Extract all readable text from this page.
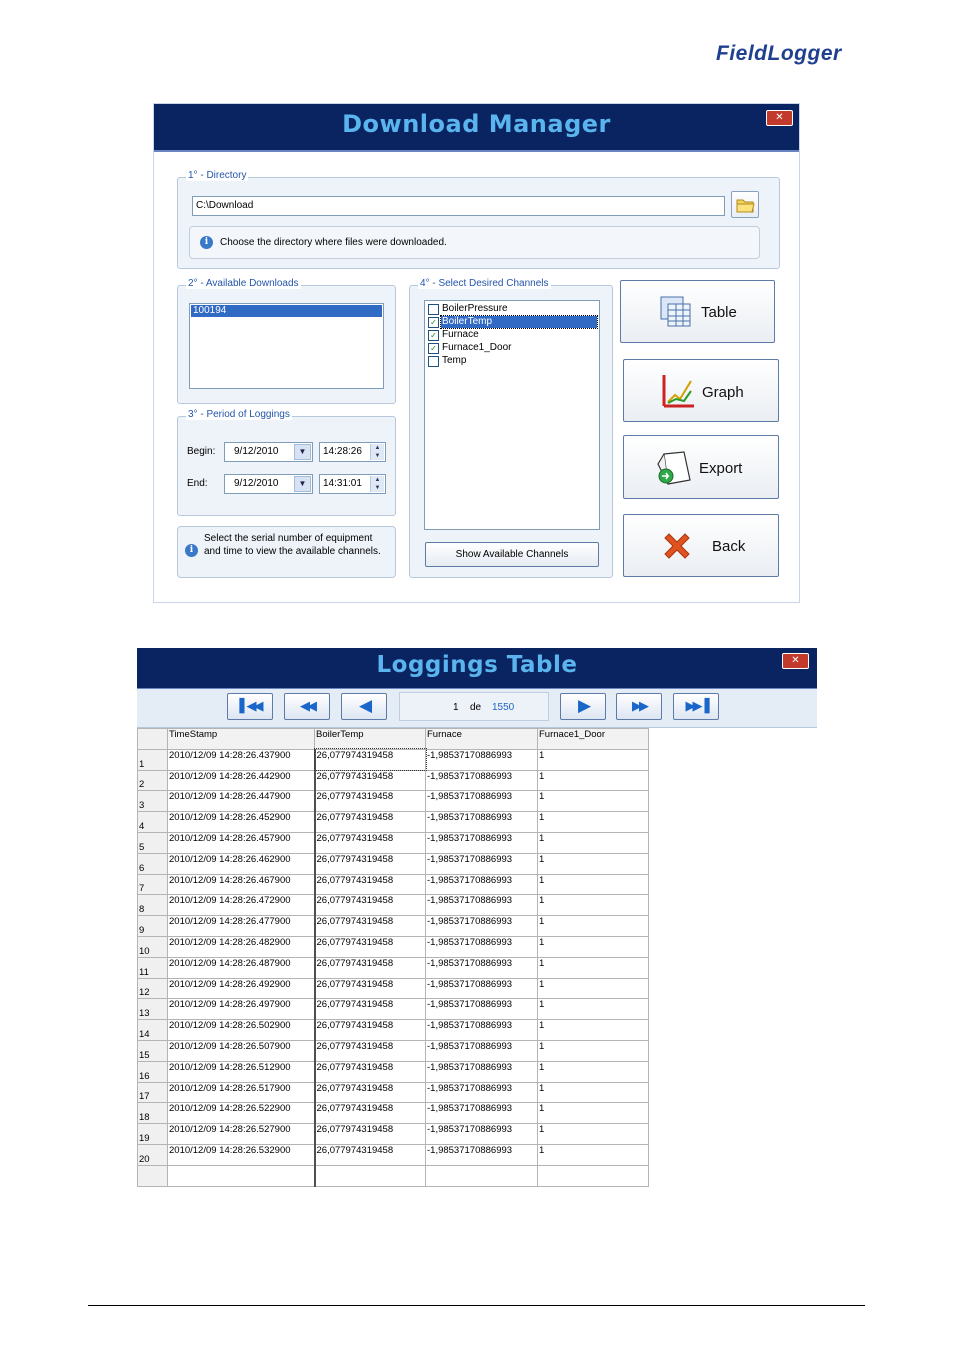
FieldLogger
Download Manager	✕
1° - Directory
C:\Download
i	Choose the directory where files were downloaded.
2° - Available Downloads
100194
3° - Period of Loggings
Begin:	9/12/2010	▼	14:28:26	▲
▼
End:	9/12/2010	▼	14:31:01	▲
▼
i
Select the serial number of equipment and time to view the available channels.
4° - Select Desired Channels
BoilerPressure
✓ BoilerTemp
✓ Furnace
✓ Furnace1_Door
Temp
Show Available Channels
Table
Graph
Export
Back
Loggings Table	✕
▌◀◀	◀◀	◀	1 de 1550	▶	▶▶	▶▶▐
	TimeStamp	BoilerTemp	Furnace	Furnace1_Door
1	2010/12/09 14:28:26.437900	26,077974319458	-1,98537170886993	1
2	2010/12/09 14:28:26.442900	26,077974319458	-1,98537170886993	1
3	2010/12/09 14:28:26.447900	26,077974319458	-1,98537170886993	1
4	2010/12/09 14:28:26.452900	26,077974319458	-1,98537170886993	1
5	2010/12/09 14:28:26.457900	26,077974319458	-1,98537170886993	1
6	2010/12/09 14:28:26.462900	26,077974319458	-1,98537170886993	1
7	2010/12/09 14:28:26.467900	26,077974319458	-1,98537170886993	1
8	2010/12/09 14:28:26.472900	26,077974319458	-1,98537170886993	1
9	2010/12/09 14:28:26.477900	26,077974319458	-1,98537170886993	1
10	2010/12/09 14:28:26.482900	26,077974319458	-1,98537170886993	1
11	2010/12/09 14:28:26.487900	26,077974319458	-1,98537170886993	1
12	2010/12/09 14:28:26.492900	26,077974319458	-1,98537170886993	1
13	2010/12/09 14:28:26.497900	26,077974319458	-1,98537170886993	1
14	2010/12/09 14:28:26.502900	26,077974319458	-1,98537170886993	1
15	2010/12/09 14:28:26.507900	26,077974319458	-1,98537170886993	1
16	2010/12/09 14:28:26.512900	26,077974319458	-1,98537170886993	1
17	2010/12/09 14:28:26.517900	26,077974319458	-1,98537170886993	1
18	2010/12/09 14:28:26.522900	26,077974319458	-1,98537170886993	1
19	2010/12/09 14:28:26.527900	26,077974319458	-1,98537170886993	1
20	2010/12/09 14:28:26.532900	26,077974319458	-1,98537170886993	1
